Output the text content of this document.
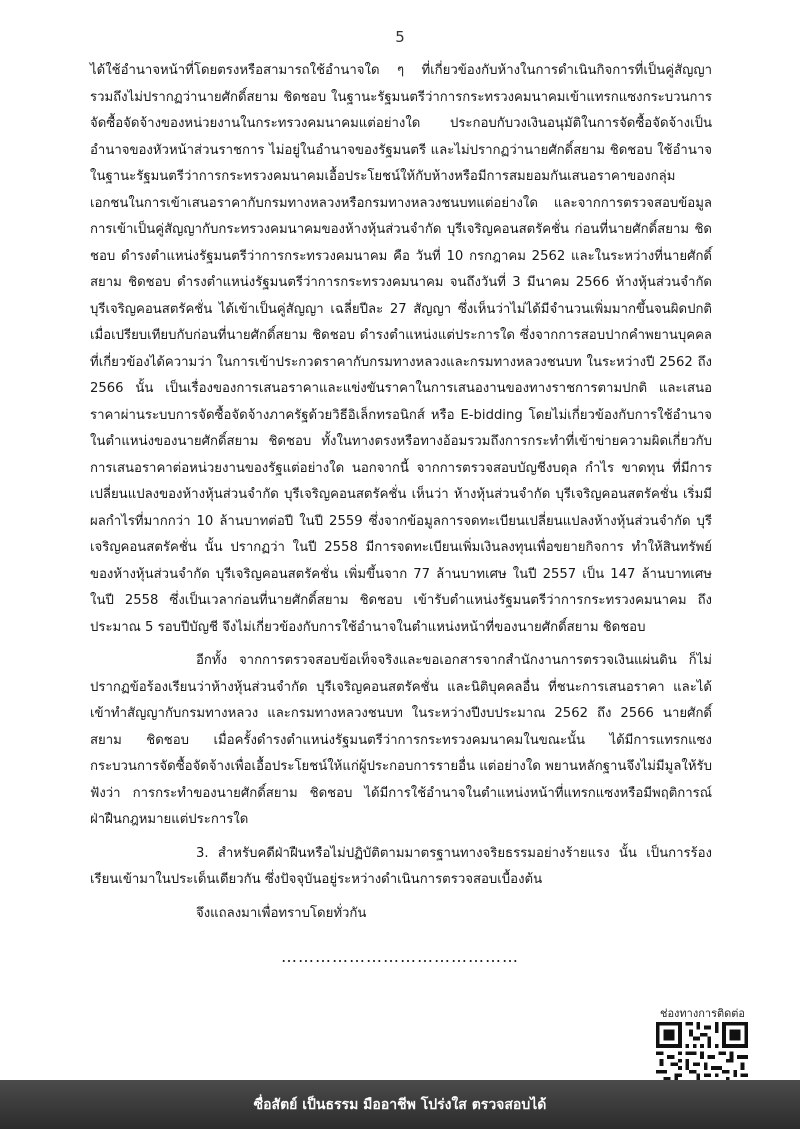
5

ได้ใช้อำนาจหน้าที่โดยตรงหรือสามารถใช้อำนาจใด ๆ ที่เกี่ยวข้องกับห้างในการดำเนินกิจการที่เป็นคู่สัญญา รวมถึงไม่ปรากฏว่านายศักดิ์สยาม ชิดชอบ ในฐานะรัฐมนตรีว่าการกระทรวงคมนาคมเข้าแทรกแซงกระบวนการจัดซื้อจัดจ้างของหน่วยงานในกระทรวงคมนาคมแต่อย่างใด ประกอบกับวงเงินอนุมัติในการจัดซื้อจัดจ้างเป็นอำนาจของหัวหน้าส่วนราชการ ไม่อยู่ในอำนาจของรัฐมนตรี และไม่ปรากฏว่านายศักดิ์สยาม ชิดชอบ ใช้อำนาจในฐานะรัฐมนตรีว่าการกระทรวงคมนาคมเอื้อประโยชน์ให้กับห้างหรือมีการสมยอมกันเสนอราคาของกลุ่มเอกชนในการเข้าเสนอราคากับกรมทางหลวงหรือกรมทางหลวงชนบทแต่อย่างใด และจากการตรวจสอบข้อมูลการเข้าเป็นคู่สัญญากับกระทรวงคมนาคมของห้างหุ้นส่วนจำกัด บุรีเจริญคอนสตรัคชั่น ก่อนที่นายศักดิ์สยาม ชิดชอบ ดำรงตำแหน่งรัฐมนตรีว่าการกระทรวงคมนาคม คือ วันที่ 10 กรกฎาคม 2562 และในระหว่างที่นายศักดิ์สยาม ชิดชอบ ดำรงตำแหน่งรัฐมนตรีว่าการกระทรวงคมนาคม จนถึงวันที่ 3 มีนาคม 2566 ห้างหุ้นส่วนจำกัด บุรีเจริญคอนสตรัคชั่น ได้เข้าเป็นคู่สัญญา เฉลี่ยปีละ 27 สัญญา ซึ่งเห็นว่าไม่ได้มีจำนวนเพิ่มมากขึ้นจนผิดปกติ เมื่อเปรียบเทียบกับก่อนที่นายศักดิ์สยาม ชิดชอบ ดำรงตำแหน่งแต่ประการใด ซึ่งจากการสอบปากคำพยานบุคคลที่เกี่ยวข้องได้ความว่า ในการเข้าประกวดราคากับกรมทางหลวงและกรมทางหลวงชนบท ในระหว่างปี 2562 ถึง 2566 นั้น เป็นเรื่องของการเสนอราคาและแข่งขันราคาในการเสนองานของทางราชการตามปกติ และเสนอราคาผ่านระบบการจัดซื้อจัดจ้างภาครัฐด้วยวิธีอิเล็กทรอนิกส์ หรือ E-bidding โดยไม่เกี่ยวข้องกับการใช้อำนาจในตำแหน่งของนายศักดิ์สยาม ชิดชอบ ทั้งในทางตรงหรือทางอ้อมรวมถึงการกระทำที่เข้าข่ายความผิดเกี่ยวกับการเสนอราคาต่อหน่วยงานของรัฐแต่อย่างใด นอกจากนี้ จากการตรวจสอบบัญชีงบดุล กำไร ขาดทุน ที่มีการเปลี่ยนแปลงของห้างหุ้นส่วนจำกัด บุรีเจริญคอนสตรัคชั่น เห็นว่า ห้างหุ้นส่วนจำกัด บุรีเจริญคอนสตรัคชั่น เริ่มมีผลกำไรที่มากกว่า 10 ล้านบาทต่อปี ในปี 2559 ซึ่งจากข้อมูลการจดทะเบียนเปลี่ยนแปลงห้างหุ้นส่วนจำกัด บุรีเจริญคอนสตรัคชั่น นั้น ปรากฏว่า ในปี 2558 มีการจดทะเบียนเพิ่มเงินลงทุนเพื่อขยายกิจการ ทำให้สินทรัพย์ของห้างหุ้นส่วนจำกัด บุรีเจริญคอนสตรัคชั่น เพิ่มขึ้นจาก 77 ล้านบาทเศษ ในปี 2557 เป็น 147 ล้านบาทเศษ ในปี 2558 ซึ่งเป็นเวลาก่อนที่นายศักดิ์สยาม ชิดชอบ เข้ารับตำแหน่งรัฐมนตรีว่าการกระทรวงคมนาคม ถึงประมาณ 5 รอบปีบัญชี จึงไม่เกี่ยวข้องกับการใช้อำนาจในตำแหน่งหน้าที่ของนายศักดิ์สยาม ชิดชอบ

อีกทั้ง จากการตรวจสอบข้อเท็จจริงและขอเอกสารจากสำนักงานการตรวจเงินแผ่นดิน ก็ไม่ปรากฏข้อร้องเรียนว่าห้างหุ้นส่วนจำกัด บุรีเจริญคอนสตรัคชั่น และนิติบุคคลอื่น ที่ชนะการเสนอราคา และได้เข้าทำสัญญากับกรมทางหลวง และกรมทางหลวงชนบท ในระหว่างปีงบประมาณ 2562 ถึง 2566 นายศักดิ์สยาม ชิดชอบ เมื่อครั้งดำรงตำแหน่งรัฐมนตรีว่าการกระทรวงคมนาคมในขณะนั้น ได้มีการแทรกแซงกระบวนการจัดซื้อจัดจ้างเพื่อเอื้อประโยชน์ให้แก่ผู้ประกอบการรายอื่น แต่อย่างใด พยานหลักฐานจึงไม่มีมูลให้รับฟังว่า การกระทำของนายศักดิ์สยาม ชิดชอบ ได้มีการใช้อำนาจในตำแหน่งหน้าที่แทรกแซงหรือมีพฤติการณ์ฝ่าฝืนกฎหมายแต่ประการใด

3. สำหรับคดีฝ่าฝืนหรือไม่ปฏิบัติตามมาตรฐานทางจริยธรรมอย่างร้ายแรง นั้น เป็นการร้องเรียนเข้ามาในประเด็นเดียวกัน ซึ่งปัจจุบันอยู่ระหว่างดำเนินการตรวจสอบเบื้องต้น

จึงแถลงมาเพื่อทราบโดยทั่วกัน

……………………………………
ช่องทางการติดต่อ
ซื่อสัตย์ เป็นธรรม มืออาชีพ โปร่งใส ตรวจสอบได้
